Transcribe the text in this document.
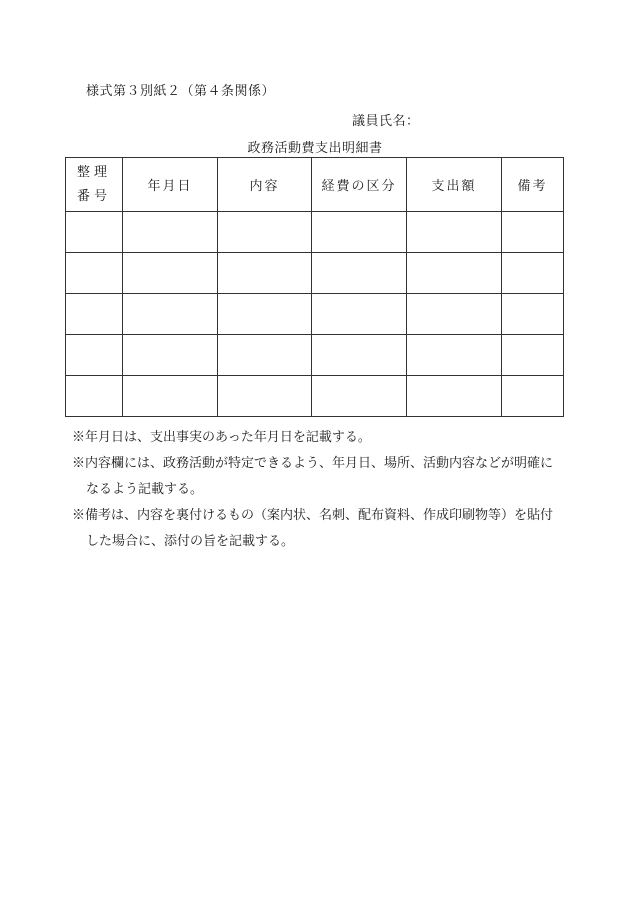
様式第３別紙２（第４条関係）
議員氏名：
政務活動費支出明細書
整理
番号	年月日	内容	経費の区分	支出額	備考

※年月日は、支出事実のあった年月日を記載する。
※内容欄には、政務活動が特定できるよう、年月日、場所、活動内容などが明確に
なるよう記載する。
※備考は、内容を裏付けるもの（案内状、名刺、配布資料、作成印刷物等）を貼付
した場合に、添付の旨を記載する。
